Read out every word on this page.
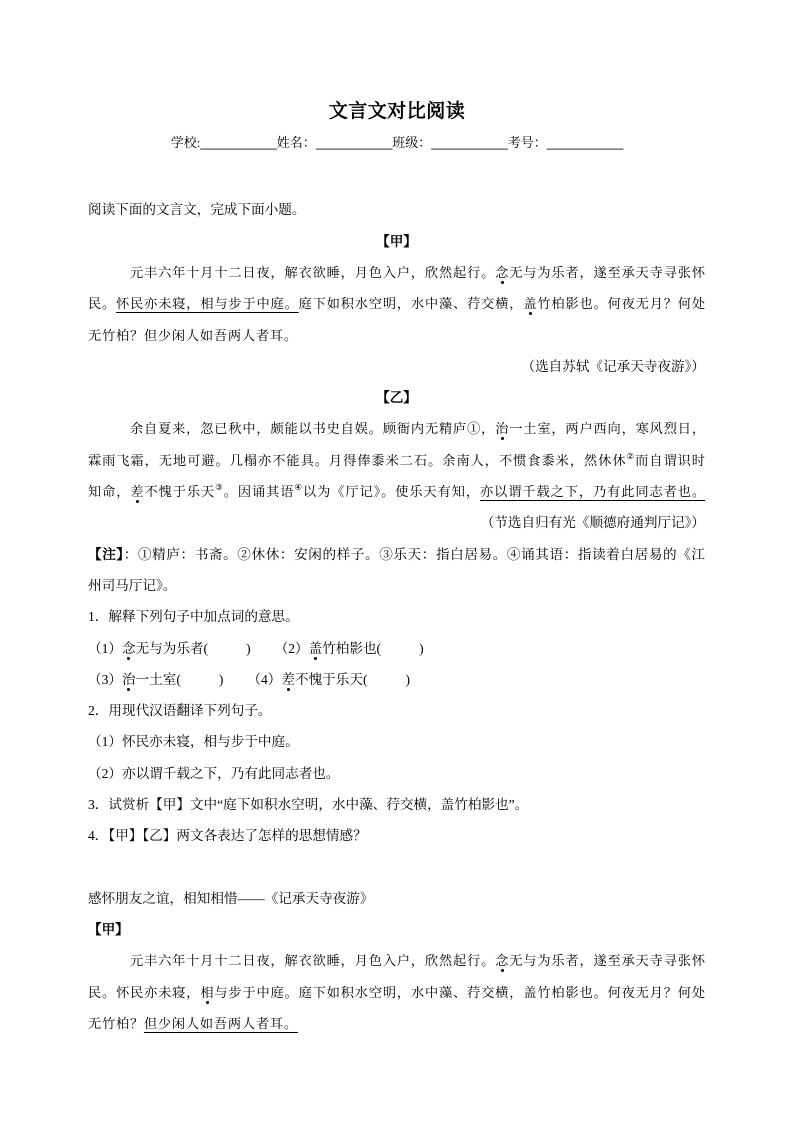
文言文对比阅读
学校:___________姓名：___________班级：___________考号：___________
阅读下面的文言文，完成下面小题。
【甲】
元丰六年十月十二日夜，解衣欲睡，月色入户，欣然起行。念无与为乐者，遂至承天寺寻张怀
民。怀民亦未寝，相与步于中庭。庭下如积水空明，水中藻、荇交横，盖竹柏影也。何夜无月？何处
无竹柏？但少闲人如吾两人者耳。
（选自苏轼《记承天寺夜游》）
【乙】
余自夏来，忽已秋中，颇能以书史自娱。顾衙内无精庐①，治一土室，两户西向，寒风烈日，
霖雨飞霜，无地可避。几榻亦不能具。月得俸黍米二石。余南人，不惯食黍米，然休休②而自谓识时
知命，差不愧于乐天③。因诵其语④以为《厅记》。使乐天有知，亦以谓千载之下，乃有此同志者也。
（节选自归有光《顺德府通判厅记》）
【注】：①精庐：书斋。②休休：安闲的样子。③乐天：指白居易。④诵其语：指读着白居易的《江
州司马厅记》。
1．解释下列句子中加点词的意思。
（1）念无与为乐者(	) （2）盖竹柏影也(	)
（3）治一土室(	) （4）差不愧于乐天(	)
2．用现代汉语翻译下列句子。
（1）怀民亦未寝，相与步于中庭。
（2）亦以谓千载之下，乃有此同志者也。
3．试赏析【甲】文中“庭下如积水空明，水中藻、荇交横，盖竹柏影也”。
4．【甲】【乙】两文各表达了怎样的思想情感？
感怀朋友之谊，相知相惜——《记承天寺夜游》
【甲】
元丰六年十月十二日夜，解衣欲睡，月色入户，欣然起行。念无与为乐者，遂至承天寺寻张怀
民。怀民亦未寝，相与步于中庭。庭下如积水空明，水中藻、荇交横，盖竹柏影也。何夜无月？何处
无竹柏？但少闲人如吾两人者耳。
